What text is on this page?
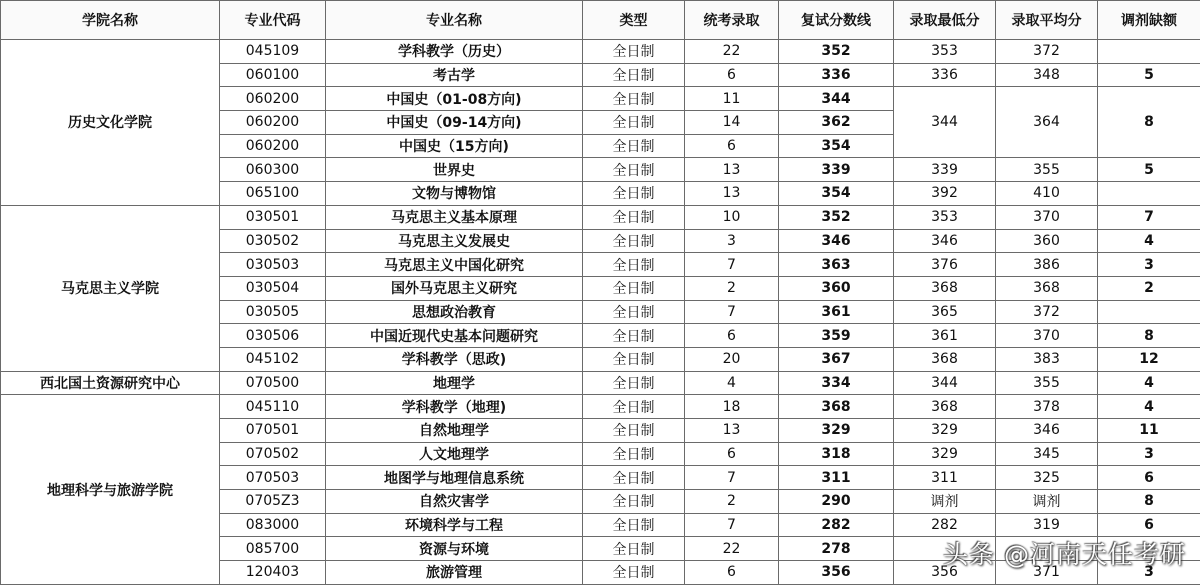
学院名称	专业代码	专业名称	类型	统考录取	复试分数线	录取最低分	录取平均分	调剂缺额
历史文化学院	045109	学科教学（历史）	全日制	22	352	353	372	
	060100	考古学	全日制	6	336	336	348	5
	060200	中国史（01-08方向)	全日制	11	344	344	364	8
	060200	中国史（09-14方向)	全日制	14	362			
	060200	中国史（15方向)	全日制	6	354			
	060300	世界史	全日制	13	339	339	355	5
	065100	文物与博物馆	全日制	13	354	392	410	
马克思主义学院	030501	马克思主义基本原理	全日制	10	352	353	370	7
	030502	马克思主义发展史	全日制	3	346	346	360	4
	030503	马克思主义中国化研究	全日制	7	363	376	386	3
	030504	国外马克思主义研究	全日制	2	360	368	368	2
	030505	思想政治教育	全日制	7	361	365	372	
	030506	中国近现代史基本问题研究	全日制	6	359	361	370	8
	045102	学科教学（思政)	全日制	20	367	368	383	12
西北国土资源研究中心	070500	地理学	全日制	4	334	344	355	4
地理科学与旅游学院	045110	学科教学（地理)	全日制	18	368	368	378	4
	070501	自然地理学	全日制	13	329	329	346	11
	070502	人文地理学	全日制	6	318	329	345	3
	070503	地图学与地理信息系统	全日制	7	311	311	325	6
	0705Z3	自然灾害学	全日制	2	290	调剂	调剂	8
	083000	环境科学与工程	全日制	7	282	282	319	6
	085700	资源与环境	全日制	22	278			
	120403	旅游管理	全日制	6	356	356	371	3
头条 @河南天任考研
